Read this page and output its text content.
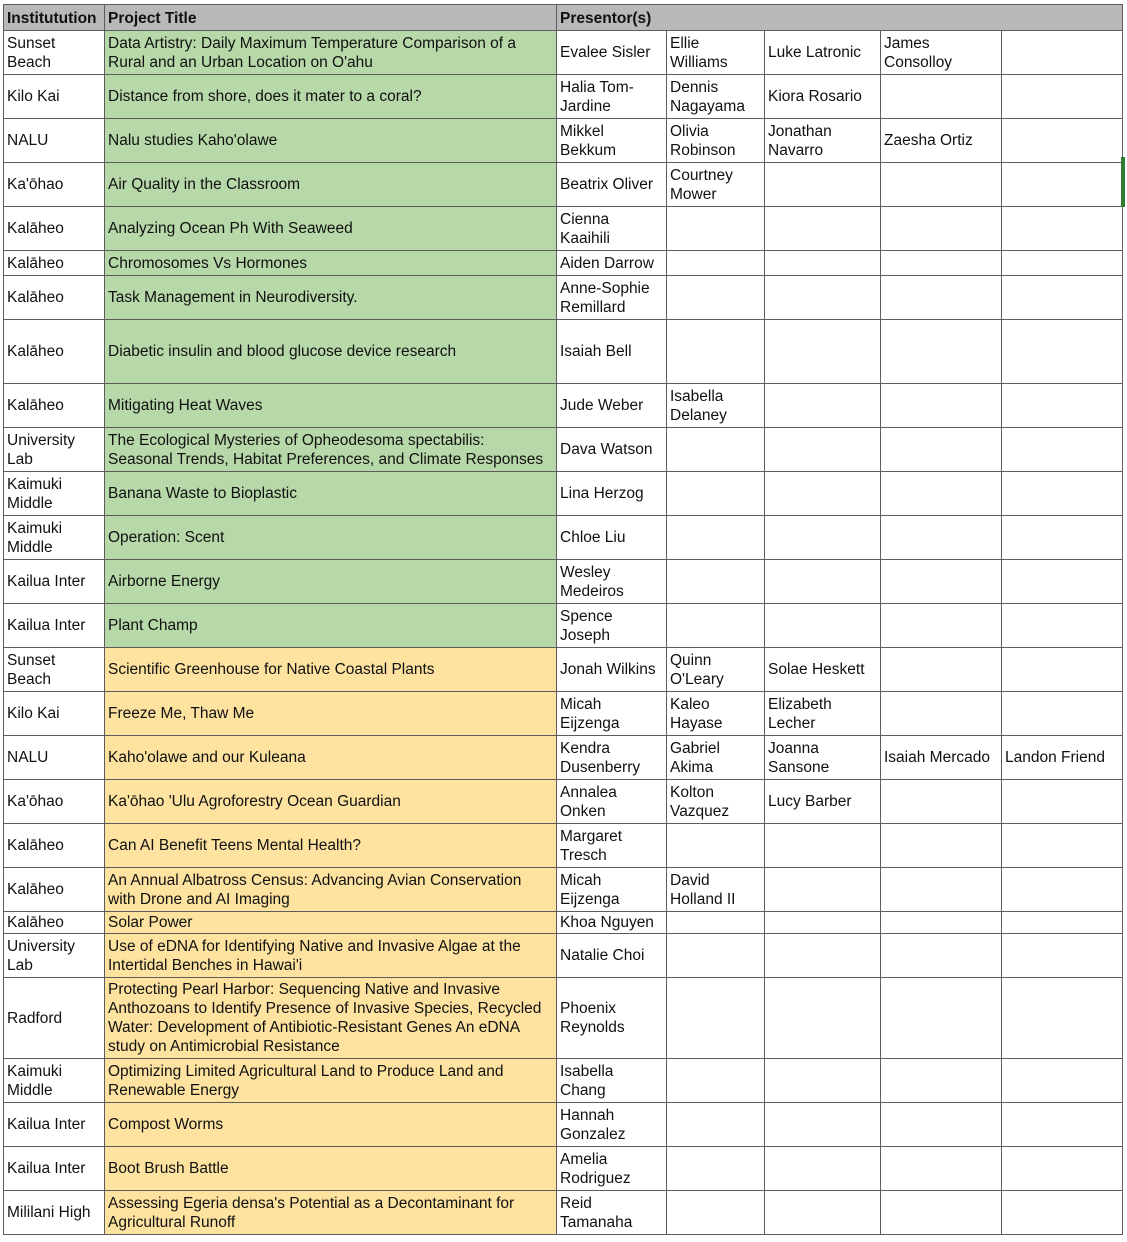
Institutution	Project Title	Presentor(s)				
Sunset Beach	Data Artistry: Daily Maximum Temperature Comparison of a Rural and an Urban Location on O'ahu	Evalee Sisler	Ellie Williams	Luke Latronic	James Consolloy	
Kilo Kai	Distance from shore, does it mater to a coral?	Halia Tom-Jardine	Dennis Nagayama	Kiora Rosario		
NALU	Nalu studies Kaho'olawe	Mikkel Bekkum	Olivia Robinson	Jonathan Navarro	Zaesha Ortiz	
Ka'ōhao	Air Quality in the Classroom	Beatrix Oliver	Courtney Mower			
Kalāheo	Analyzing Ocean Ph With Seaweed	Cienna Kaaihili				
Kalāheo	Chromosomes Vs Hormones	Aiden Darrow				
Kalāheo	Task Management in Neurodiversity.	Anne-Sophie Remillard				
Kalāheo	Diabetic insulin and blood glucose device research	Isaiah Bell				
Kalāheo	Mitigating Heat Waves	Jude Weber	Isabella Delaney			
University Lab	The Ecological Mysteries of Opheodesoma spectabilis: Seasonal Trends, Habitat Preferences, and Climate Responses	Dava Watson				
Kaimuki Middle	Banana Waste to Bioplastic	Lina Herzog				
Kaimuki Middle	Operation: Scent	Chloe Liu				
Kailua Inter	Airborne Energy	Wesley Medeiros				
Kailua Inter	Plant Champ	Spence Joseph				
Sunset Beach	Scientific Greenhouse for Native Coastal Plants	Jonah Wilkins	Quinn O'Leary	Solae Heskett		
Kilo Kai	Freeze Me, Thaw Me	Micah Eijzenga	Kaleo Hayase	Elizabeth Lecher		
NALU	Kaho'olawe and our Kuleana	Kendra Dusenberry	Gabriel Akima	Joanna Sansone	Isaiah Mercado	Landon Friend
Ka'ōhao	Ka'ōhao 'Ulu Agroforestry Ocean Guardian	Annalea Onken	Kolton Vazquez	Lucy Barber		
Kalāheo	Can AI Benefit Teens Mental Health?	Margaret Tresch				
Kalāheo	An Annual Albatross Census: Advancing Avian Conservation with Drone and AI Imaging	Micah Eijzenga	David Holland II			
Kalāheo	Solar Power	Khoa Nguyen				
University Lab	Use of eDNA for Identifying Native and Invasive Algae at the Intertidal Benches in Hawai'i	Natalie Choi				
Radford	Protecting Pearl Harbor: Sequencing Native and Invasive Anthozoans to Identify Presence of Invasive Species, Recycled Water: Development of Antibiotic-Resistant Genes An eDNA study on Antimicrobial Resistance	Phoenix Reynolds				
Kaimuki Middle	Optimizing Limited Agricultural Land to Produce Land and Renewable Energy	Isabella Chang				
Kailua Inter	Compost Worms	Hannah Gonzalez				
Kailua Inter	Boot Brush Battle	Amelia Rodriguez				
Mililani High	Assessing Egeria densa's Potential as a Decontaminant for Agricultural Runoff	Reid Tamanaha				
